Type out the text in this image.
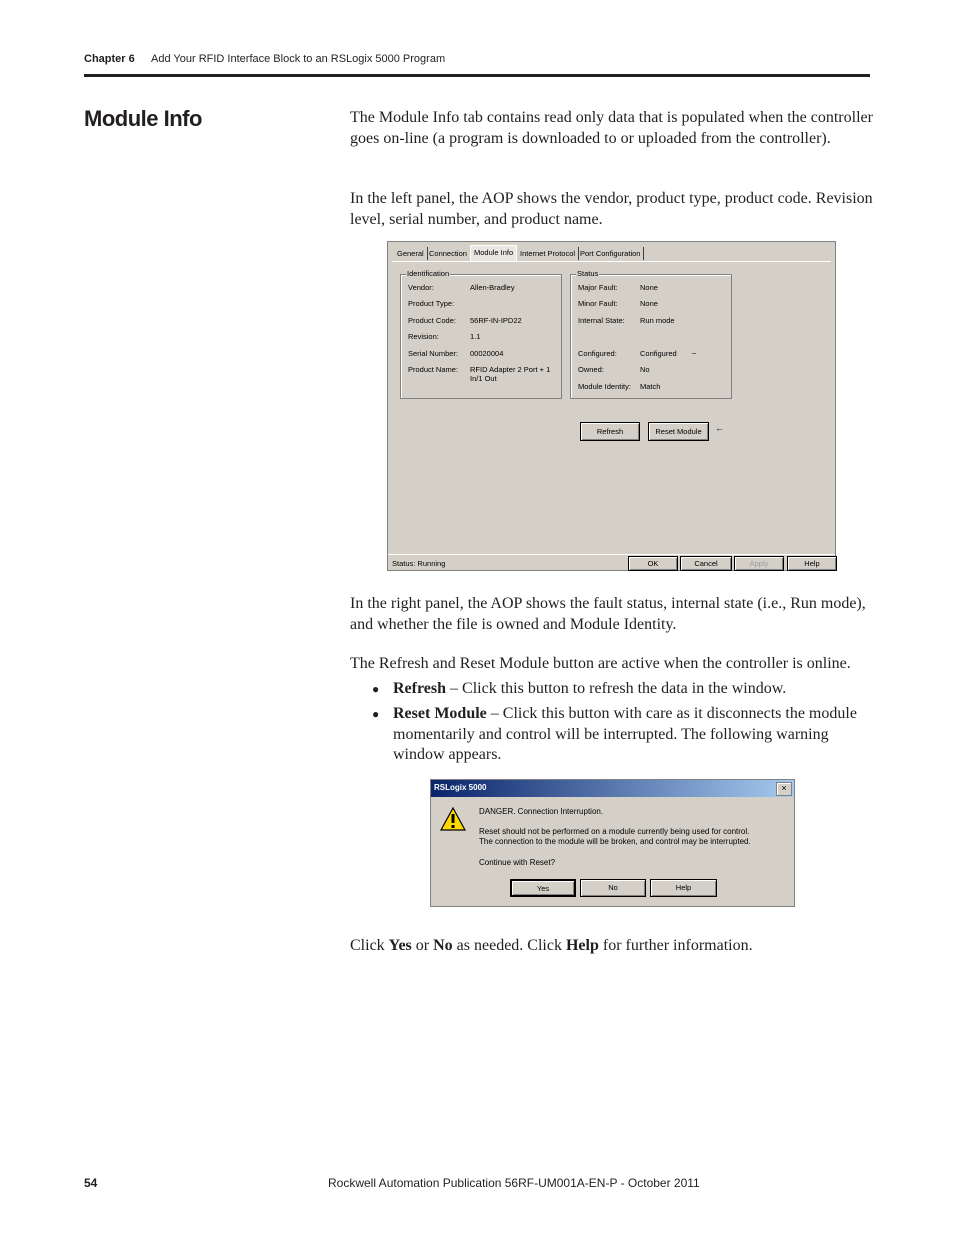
Chapter 6 Add Your RFID Interface Block to an RSLogix 5000 Program
Module Info	The Module Info tab contains read only data that is populated when the controller goes on-line (a program is downloaded to or uploaded from the controller).

In the left panel, the AOP shows the vendor, product type, product code. Revision level, serial number, and product name.

General Connection Module Info Internet Protocol Port Configuration
Identification
Vendor:	Allen-Bradley
Product Type:
Product Code: 56RF-IN-IPD22
Revision:	1.1
Serial Number: 00020004
Product Name: RFID Adapter 2 Port + 1 In/1 Out
Status
Major Fault:	None
Minor Fault:	None
Internal State: Run mode
Configured:	Configured –
Owned:	No
Module Identity: Match
Refresh	Reset Module	←
Status: Running	OK	Cancel	Apply	Help

In the right panel, the AOP shows the fault status, internal state (i.e., Run mode), and whether the file is owned and Module Identity.

The Refresh and Reset Module button are active when the controller is online.

● Refresh – Click this button to refresh the data in the window.
● Reset Module – Click this button with care as it disconnects the module momentarily and control will be interrupted. The following warning window appears.
RSLogix 5000	×
DANGER. Connection Interruption.
Reset should not be performed on a module currently being used for control.
The connection to the module will be broken, and control may be interrupted.
Continue with Reset?
Yes	No	Help

Click Yes or No as needed. Click Help for further information.

54	Rockwell Automation Publication 56RF-UM001A-EN-P - October 2011
